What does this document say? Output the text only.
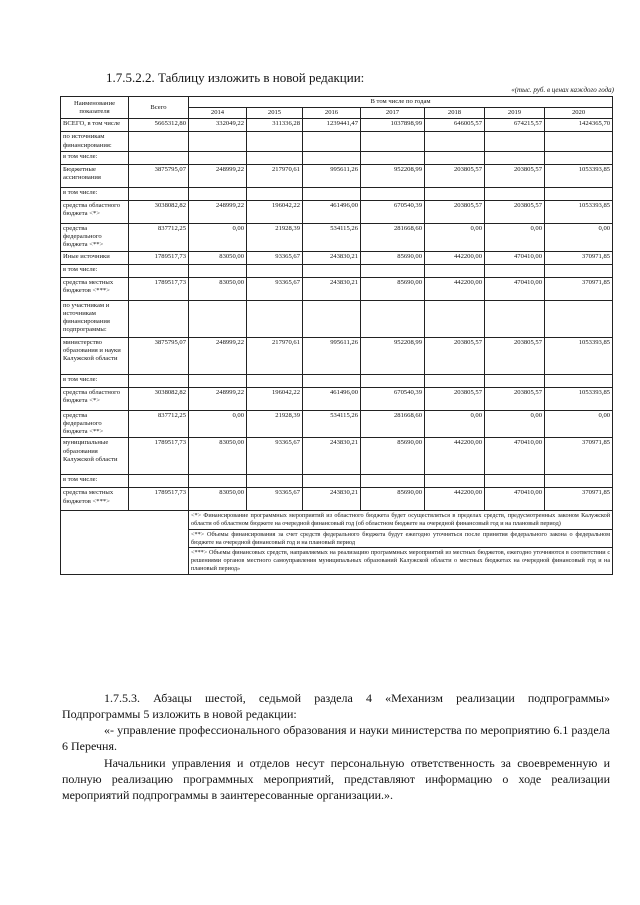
1.7.5.2.2. Таблицу изложить в новой редакции:
«(тыс. руб. в ценах каждого года)
Наименование показателя	Всего	В том числе по годам						
		2014	2015	2016	2017	2018	2019	2020
ВСЕГО, в том числе	5665312,80	332049,22	311336,28	1239441,47	1037898,99	646005,57	674215,57	1424365,70
по источникам финансирования:								
в том числе:								
Бюджетные ассигнования	3875795,07	248999,22	217970,61	995611,26	952208,99	203805,57	203805,57	1053393,85
в том числе:								
средства областного бюджета <*>	3038082,82	248999,22	196042,22	461496,00	670540,39	203805,57	203805,57	1053393,85
средства федерального бюджета <**>	837712,25	0,00	21928,39	534115,26	281668,60	0,00	0,00	0,00
Иные источники	1789517,73	83050,00	93365,67	243830,21	85690,00	442200,00	470410,00	370971,85
в том числе:								
средства местных бюджетов <***>	1789517,73	83050,00	93365,67	243830,21	85690,00	442200,00	470410,00	370971,85
по участникам и источникам финансирования подпрограммы:								
министерство образования и науки Калужской области	3875795,07	248999,22	217970,61	995611,26	952208,99	203805,57	203805,57	1053393,85
в том числе:								
средства областного бюджета <*>	3038082,82	248999,22	196042,22	461496,00	670540,39	203805,57	203805,57	1053393,85
средства федерального бюджета <**>	837712,25	0,00	21928,39	534115,26	281668,60	0,00	0,00	0,00
муниципальные образования Калужской области	1789517,73	83050,00	93365,67	243830,21	85690,00	442200,00	470410,00	370971,85
в том числе:								
средства местных бюджетов <***>	1789517,73	83050,00	93365,67	243830,21	85690,00	442200,00	470410,00	370971,85
		<*> Финансирование программных мероприятий из областного бюджета будет осуществляться в пределах средств, предусмотренных законом Калужской области об областном бюджете на очередной финансовый год (об областном бюджете на очередной финансовый год и на плановый период)						
		<**> Объемы финансирования за счет средств федерального бюджета будут ежегодно уточняться после принятия федерального закона о федеральном бюджете на очередной финансовый год и на плановый период						
		<***> Объемы финансовых средств, направляемых на реализацию программных мероприятий из местных бюджетов, ежегодно уточняются в соответствии с решениями органов местного самоуправления муниципальных образований Калужской области о местных бюджетах на очередной финансовый год и на плановый период»						
1.7.5.3. Абзацы шестой, седьмой раздела 4 «Механизм реализации подпрограммы» Подпрограммы 5 изложить в новой редакции:
«- управление профессионального образования и науки министерства по мероприятию 6.1 раздела 6 Перечня.
Начальники управления и отделов несут персональную ответственность за своевременную и полную реализацию программных мероприятий, представляют информацию о ходе реализации мероприятий подпрограммы в заинтересованные организации.».
